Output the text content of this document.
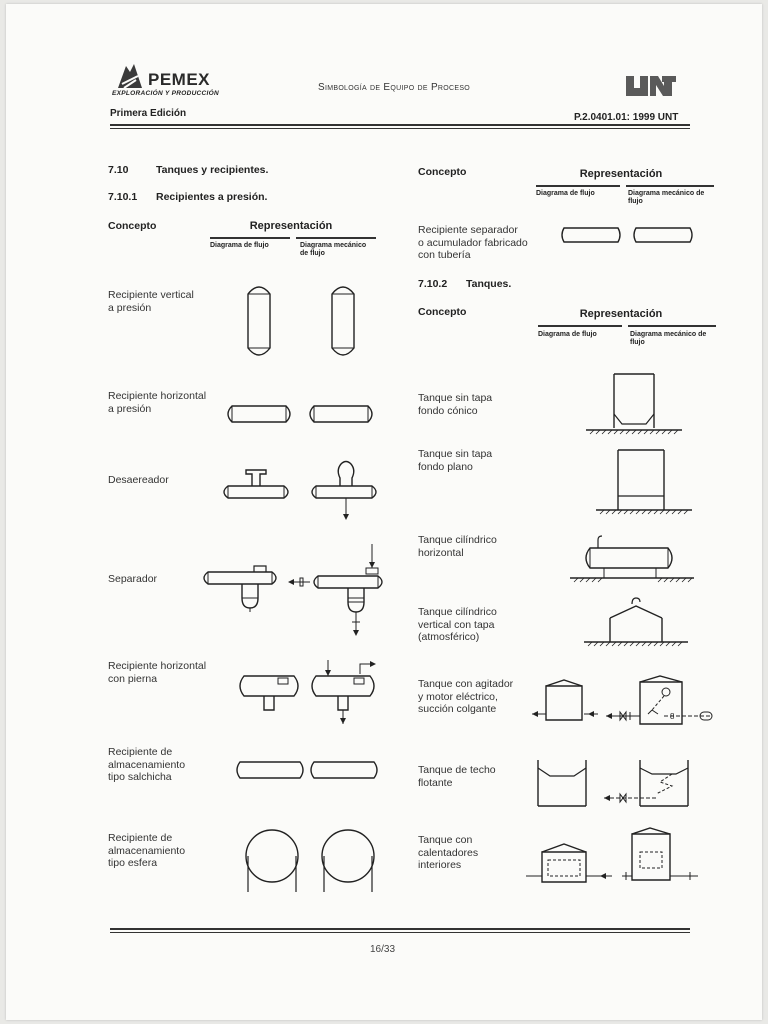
PEMEX
EXPLORACIÓN Y PRODUCCIÓN
Simbología de Equipo de Proceso
Primera Edición	P.2.0401.01: 1999 UNT
7.10	Tanques y recipientes.
7.10.1 Recipientes a presión.
Concepto	Representación
Diagrama de flujo	Diagrama mecánico de flujo
Recipiente vertical
a presión
Recipiente horizontal
a presión
Desaereador
Separador
Recipiente horizontal
con pierna
Recipiente de
almacenamiento
tipo salchicha
Recipiente de
almacenamiento
tipo esfera
Concepto	Representación
Diagrama de flujo	Diagrama mecánico de flujo
Recipiente separador
o acumulador fabricado
con tubería
7.10.2 Tanques.
Concepto	Representación
Diagrama de flujo	Diagrama mecánico de flujo
Tanque sin tapa
fondo cónico
Tanque sin tapa
fondo plano
Tanque cilíndrico
horizontal
Tanque cilíndrico
vertical con tapa
(atmosférico)
Tanque con agitador
y motor eléctrico,
succión colgante
Tanque de techo
flotante
Tanque con
calentadores
interiores
8
16/33
